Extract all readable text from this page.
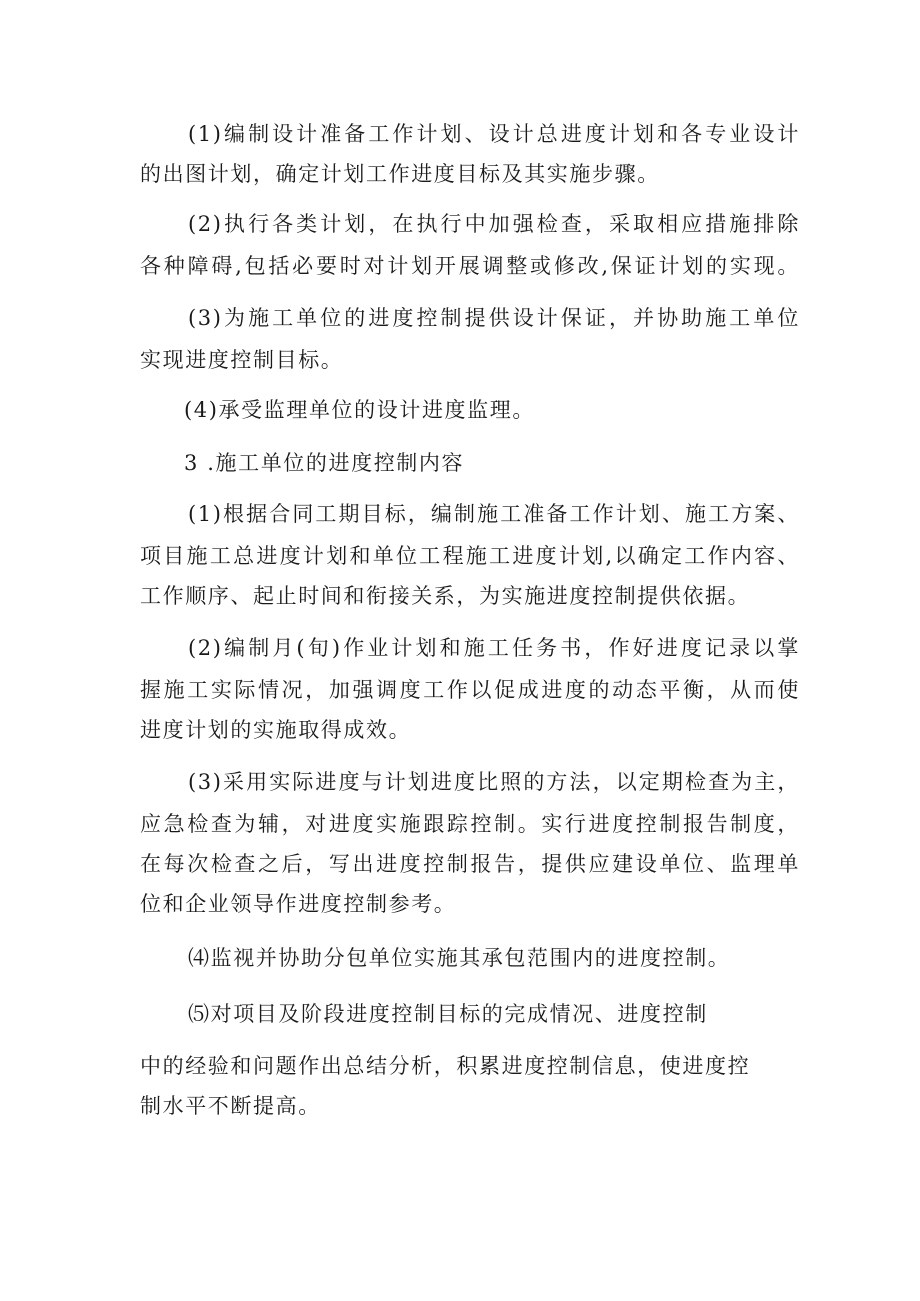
(1)编制设计准备工作计划、设计总进度计划和各专业设计
的出图计划，确定计划工作进度目标及其实施步骤。
(2)执行各类计划，在执行中加强检查，采取相应措施排除
各种障碍,包括必要时对计划开展调整或修改,保证计划的实现。
(3)为施工单位的进度控制提供设计保证，并协助施工单位
实现进度控制目标。
(4)承受监理单位的设计进度监理。
3 .施工单位的进度控制内容
(1)根据合同工期目标，编制施工准备工作计划、施工方案、
项目施工总进度计划和单位工程施工进度计划,以确定工作内容、
工作顺序、起止时间和衔接关系，为实施进度控制提供依据。
(2)编制月(旬)作业计划和施工任务书，作好进度记录以掌
握施工实际情况，加强调度工作以促成进度的动态平衡，从而使
进度计划的实施取得成效。
(3)采用实际进度与计划进度比照的方法，以定期检查为主，
应急检查为辅，对进度实施跟踪控制。实行进度控制报告制度，
在每次检查之后，写出进度控制报告，提供应建设单位、监理单
位和企业领导作进度控制参考。
⑷监视并协助分包单位实施其承包范围内的进度控制。
⑸对项目及阶段进度控制目标的完成情况、进度控制
中的经验和问题作出总结分析，积累进度控制信息，使进度控
制水平不断提高。
